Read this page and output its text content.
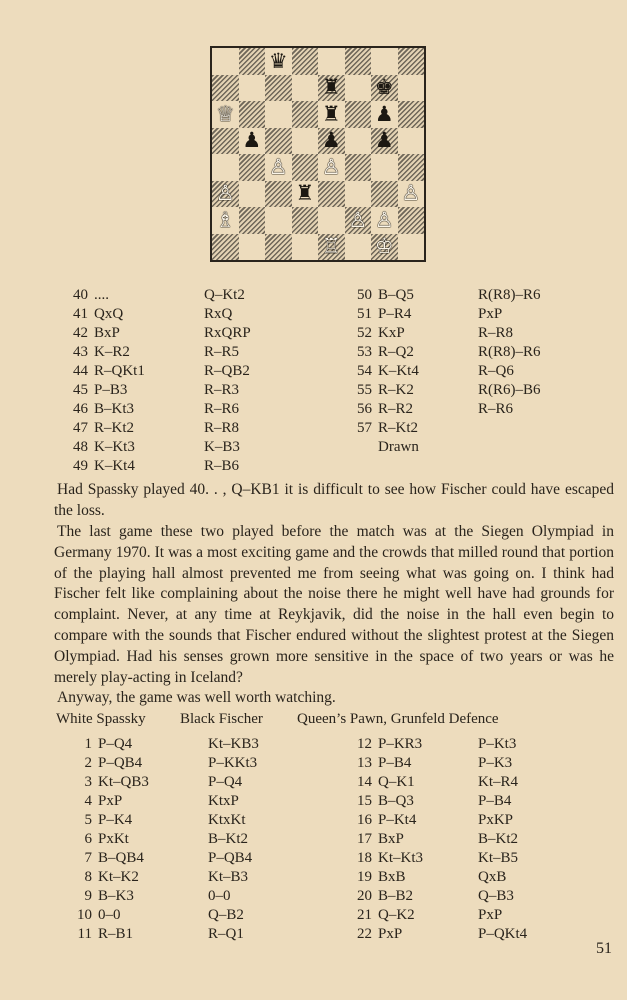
♛
♜ ♚
♕	♜ ♟
♟	♟ ♟
♙ ♙
♙	♜	♙
♗	♙ ♙
♖ ♔
40 ....	Q–Kt2
41 QxQ	RxQ
42 BxP	RxQRP
43 K–R2	R–R5
44 R–QKt1	R–QB2
45 P–B3	R–R3
46 B–Kt3	R–R6
47 R–Kt2	R–R8
48 K–Kt3	K–B3
49 K–Kt4	R–B6
50 B–Q5	R(R8)–R6
51 P–R4	PxP
52 KxP	R–R8
53 R–Q2	R(R8)–R6
54 K–Kt4	R–Q6
55 R–K2	R(R6)–B6
56 R–R2	R–R6
57 R–Kt2
Drawn

Had Spassky played 40. . , Q–KB1 it is difficult to see how Fischer could have escaped the loss.

The last game these two played before the match was at the Siegen Olympiad in Germany 1970. It was a most exciting game and the crowds that milled round that portion of the playing hall almost prevented me from seeing what was going on. I think had Fischer felt like complaining about the noise there he might well have had grounds for complaint. Never, at any time at Reykjavik, did the noise in the hall even begin to compare with the sounds that Fischer endured without the slightest protest at the Siegen Olympiad. Had his senses grown more sensitive in the space of two years or was he merely play-acting in Iceland?

Anyway, the game was well worth watching.

White Spassky Black Fischer Queen’s Pawn, Grunfeld Defence
1 P–Q4	Kt–KB3
2 P–QB4	P–KKt3
3 Kt–QB3	P–Q4
4 PxP	KtxP
5 P–K4	KtxKt
6 PxKt	B–Kt2
7 B–QB4	P–QB4
8 Kt–K2	Kt–B3
9 B–K3	0–0
10 0–0	Q–B2
11 R–B1	R–Q1
12 P–KR3	P–Kt3
13 P–B4	P–K3
14 Q–K1	Kt–R4
15 B–Q3	P–B4
16 P–Kt4	PxKP
17 BxP	B–Kt2
18 Kt–Kt3	Kt–B5
19 BxB	QxB
20 B–B2	Q–B3
21 Q–K2	PxP
22 PxP	P–QKt4
51
